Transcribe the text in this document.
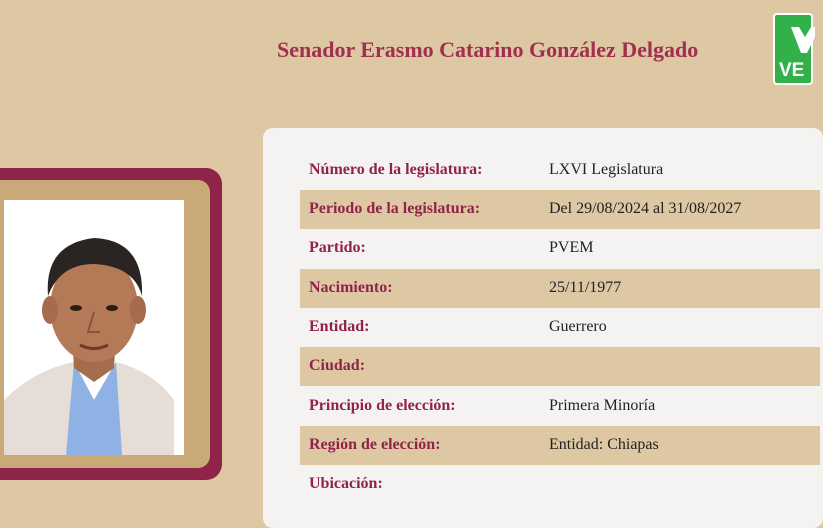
Senador Erasmo Catarino González Delgado
VE
Número de la legislatura:	LXVI Legislatura
Periodo de la legislatura:	Del 29/08/2024 al 31/08/2027
Partido:	PVEM
Nacimiento:	25/11/1977
Entidad:	Guerrero
Ciudad:
Principio de elección:	Primera Minoría
Región de elección:	Entidad: Chiapas
Ubicación:
